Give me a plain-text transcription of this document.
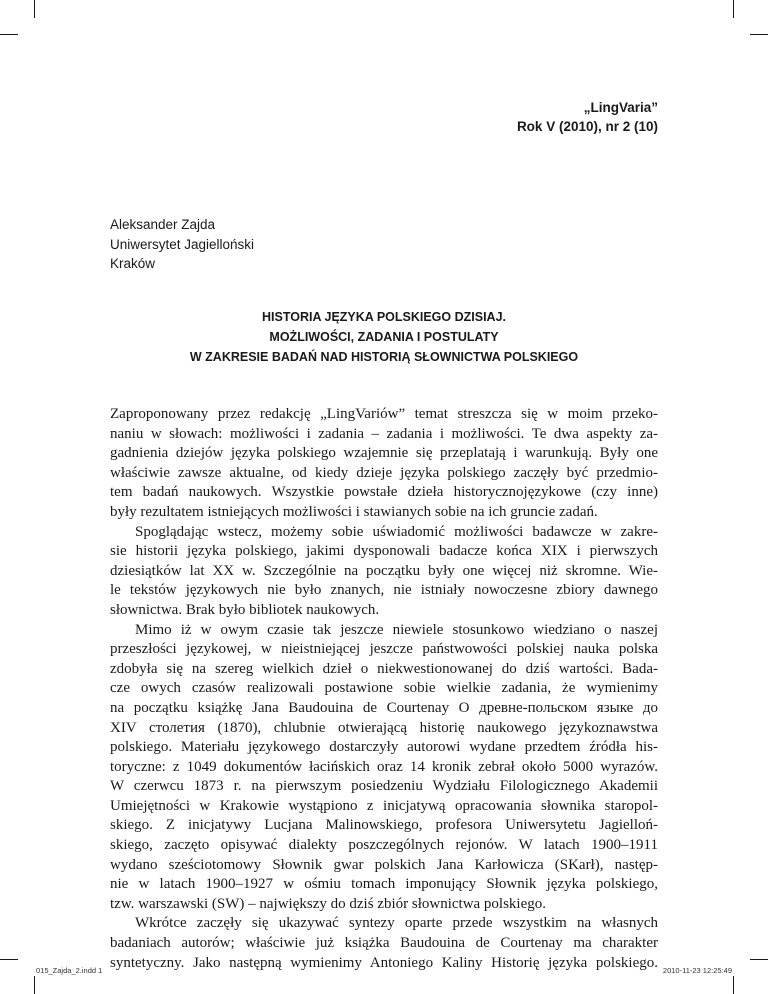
„LingVaria”
Rok V (2010), nr 2 (10)
Aleksander Zajda
Uniwersytet Jagielloński
Kraków
HISTORIA JĘZYKA POLSKIEGO DZISIAJ.
MOŻLIWOŚCI, ZADANIA I POSTULATY
W ZAKRESIE BADAŃ NAD HISTORIĄ SŁOWNICTWA POLSKIEGO
Zaproponowany przez redakcję „LingVariów” temat streszcza się w moim przeko-
naniu w słowach: możliwości i zadania – zadania i możliwości. Te dwa aspekty za-
gadnienia dziejów języka polskiego wzajemnie się przeplatają i warunkują. Były one
właściwie zawsze aktualne, od kiedy dzieje języka polskiego zaczęły być przedmio-
tem badań naukowych. Wszystkie powstałe dzieła historycznojęzykowe (czy inne)
były rezultatem istniejących możliwości i stawianych sobie na ich gruncie zadań.
Spoglądając wstecz, możemy sobie uświadomić możliwości badawcze w zakre-
sie historii języka polskiego, jakimi dysponowali badacze końca XIX i pierwszych
dziesiątków lat XX w. Szczególnie na początku były one więcej niż skromne. Wie-
le tekstów językowych nie było znanych, nie istniały nowoczesne zbiory dawnego
słownictwa. Brak było bibliotek naukowych.
Mimo iż w owym czasie tak jeszcze niewiele stosunkowo wiedziano o naszej
przeszłości językowej, w nieistniejącej jeszcze państwowości polskiej nauka polska
zdobyła się na szereg wielkich dzieł o niekwestionowanej do dziś wartości. Bada-
cze owych czasów realizowali postawione sobie wielkie zadania, że wymienimy
na początku książkę Jana Baudouina de Courtenay О древне-польском языке до
XIV столетия (1870), chlubnie otwierającą historię naukowego językoznawstwa
polskiego. Materiału językowego dostarczyły autorowi wydane przedtem źródła his-
toryczne: z 1049 dokumentów łacińskich oraz 14 kronik zebrał około 5000 wyrazów.
W czerwcu 1873 r. na pierwszym posiedzeniu Wydziału Filologicznego Akademii
Umiejętności w Krakowie wystąpiono z inicjatywą opracowania słownika staropol-
skiego. Z inicjatywy Lucjana Malinowskiego, profesora Uniwersytetu Jagielloń-
skiego, zaczęto opisywać dialekty poszczególnych rejonów. W latach 1900–1911
wydano sześciotomowy Słownik gwar polskich Jana Karłowicza (SKarł), następ-
nie w latach 1900–1927 w ośmiu tomach imponujący Słownik języka polskiego,
tzw. warszawski (SW) – największy do dziś zbiór słownictwa polskiego.
Wkrótce zaczęły się ukazywać syntezy oparte przede wszystkim na własnych
badaniach autorów; właściwie już książka Baudouina de Courtenay ma charakter
syntetyczny. Jako następną wymienimy Antoniego Kaliny Historię języka polskiego.
015_Zajda_2.indd 1	2010-11-23 12:25:49
